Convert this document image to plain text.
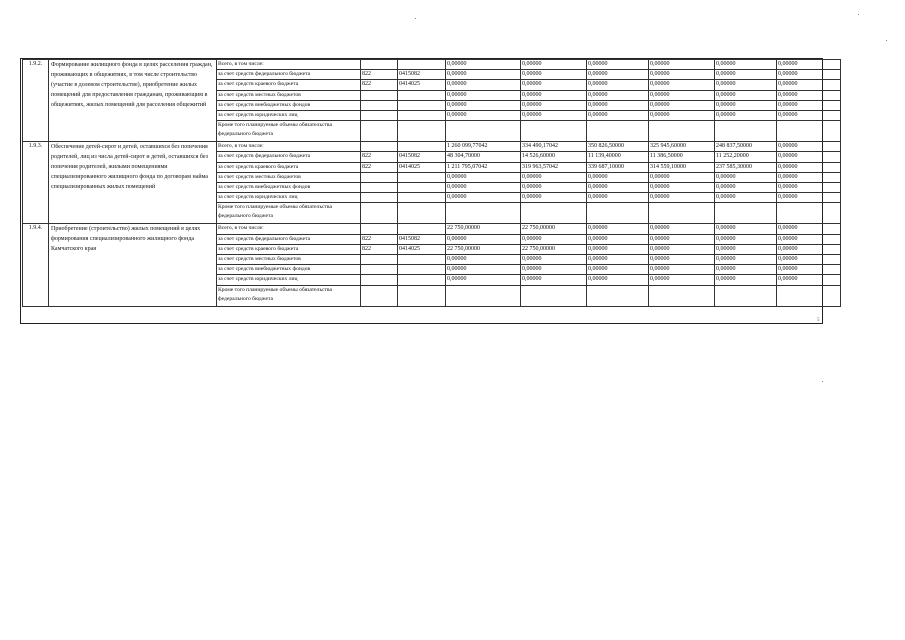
1.9.2.	Формирование жилищного фонда в целях расселения граждан, проживающих в общежитиях, в том числе строительство (участие в долевом строительстве), приобретение жилых помещений для предоставления гражданам, проживающим в общежитиях, жилых помещений для расселения общежитий	Всего, в том числе:			0,00000	0,00000	0,00000	0,00000	0,00000	0,00000
		за счет средств федерального бюджета	822	0415082	0,00000	0,00000	0,00000	0,00000	0,00000	0,00000
		за счет средств краевого бюджета	822	0414025	0,00000	0,00000	0,00000	0,00000	0,00000	0,00000
		за счет средств местных бюджетов			0,00000	0,00000	0,00000	0,00000	0,00000	0,00000
		за счет средств внебюджетных фондов			0,00000	0,00000	0,00000	0,00000	0,00000	0,00000
		за счет средств юридических лиц			0,00000	0,00000	0,00000	0,00000	0,00000	0,00000
		Кроме того планируемые объемы обязательства федерального бюджета								
1.9.3.	Обеспечение детей-сирот и детей, оставшихся без попечения родителей, лиц из числа детей-сирот и детей, оставшихся без попечения родителей, жилыми помещениями специализированного жилищного фонда по договорам найма специализированных жилых помещений	Всего, в том числе:			1 260 099,77042	334 490,17042	350 826,50000	325 945,60000	248 837,50000	0,00000
		за счет средств федерального бюджета	822	0415082	48 304,70000	14 526,60000	11 139,40000	11 386,50000	11 252,20000	0,00000
		за счет средств краевого бюджета	822	0414025	1 211 795,07042	319 963,57042	339 687,10000	314 559,10000	237 585,30000	0,00000
		за счет средств местных бюджетов			0,00000	0,00000	0,00000	0,00000	0,00000	0,00000
		за счет средств внебюджетных фондов			0,00000	0,00000	0,00000	0,00000	0,00000	0,00000
		за счет средств юридических лиц			0,00000	0,00000	0,00000	0,00000	0,00000	0,00000
		Кроме того планируемые объемы обязательства федерального бюджета								
1.9.4.	Приобретение (строительство) жилых помещений в целях формирования специализированного жилищного фонда Камчатского края	Всего, в том числе:			22 750,00000	22 750,00000	0,00000	0,00000	0,00000	0,00000
		за счет средств федерального бюджета	822	0415082	0,00000	0,00000	0,00000	0,00000	0,00000	0,00000
		за счет средств краевого бюджета	822	0414025	22 750,00000	22 750,00000	0,00000	0,00000	0,00000	0,00000
		за счет средств местных бюджетов			0,00000	0,00000	0,00000	0,00000	0,00000	0,00000
		за счет средств внебюджетных фондов			0,00000	0,00000	0,00000	0,00000	0,00000	0,00000
		за счет средств юридических лиц			0,00000	0,00000	0,00000	0,00000	0,00000	0,00000
		Кроме того планируемые объемы обязательства федерального бюджета								
5
